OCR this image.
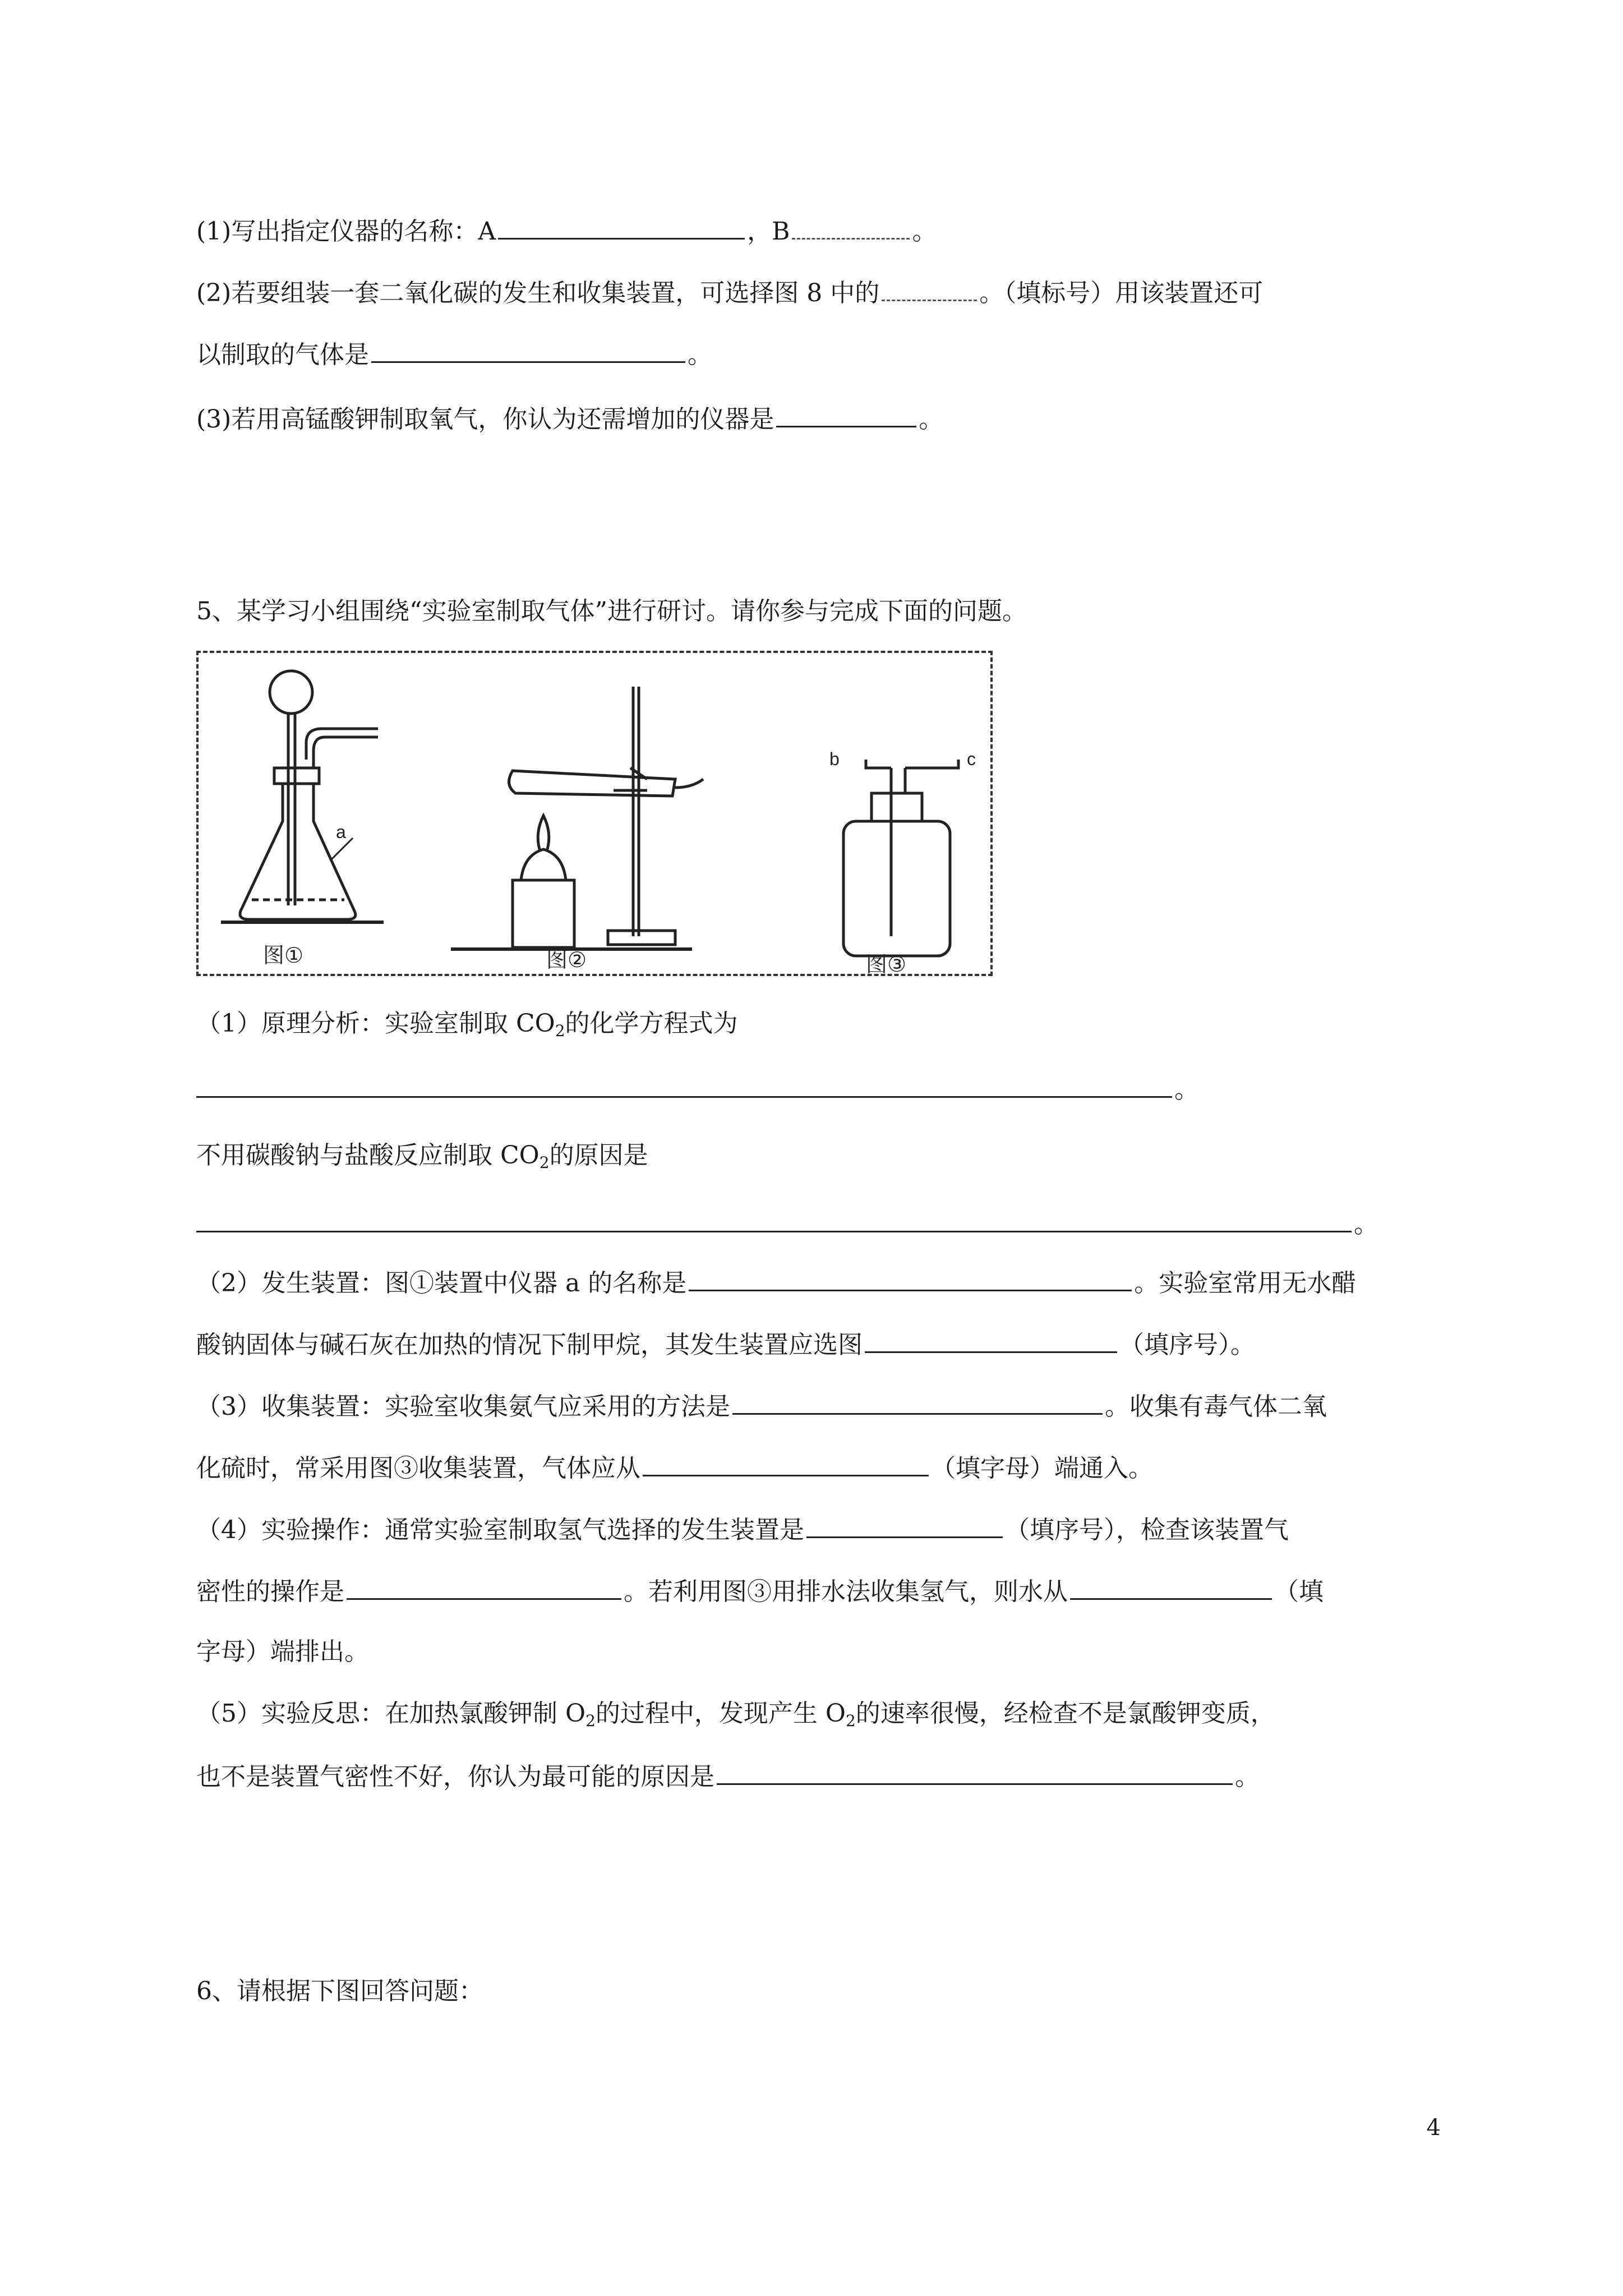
(1)写出指定仪器的名称：A	，B	。
(2)若要组装一套二氧化碳的发生和收集装置，可选择图 8 中的	。（填标号）用该装置还可
以制取的气体是	。
(3)若用高锰酸钾制取氧气，你认为还需增加的仪器是	。
5、某学习小组围绕“实验室制取气体”进行研讨。请你参与完成下面的问题。
a
b	c
图①	图②	图③
（1）原理分析：实验室制取 $CO_2$的化学方程式为
。
不用碳酸钠与盐酸反应制取 $CO_2$的原因是
。
（2）发生装置：图①装置中仪器 a 的名称是	。实验室常用无水醋
酸钠固体与碱石灰在加热的情况下制甲烷，其发生装置应选图	（填序号）。
（3）收集装置：实验室收集氨气应采用的方法是	。收集有毒气体二氧
化硫时，常采用图③收集装置，气体应从	（填字母）端通入。
（4）实验操作：通常实验室制取氢气选择的发生装置是	（填序号），检查该装置气
密性的操作是	。若利用图③用排水法收集氢气，则水从	（填
字母）端排出。
（5）实验反思：在加热氯酸钾制 $O_2$的过程中，发现产生 $O_2$的速率很慢，经检查不是氯酸钾变质，
也不是装置气密性不好，你认为最可能的原因是	。
6、请根据下图回答问题：
4
